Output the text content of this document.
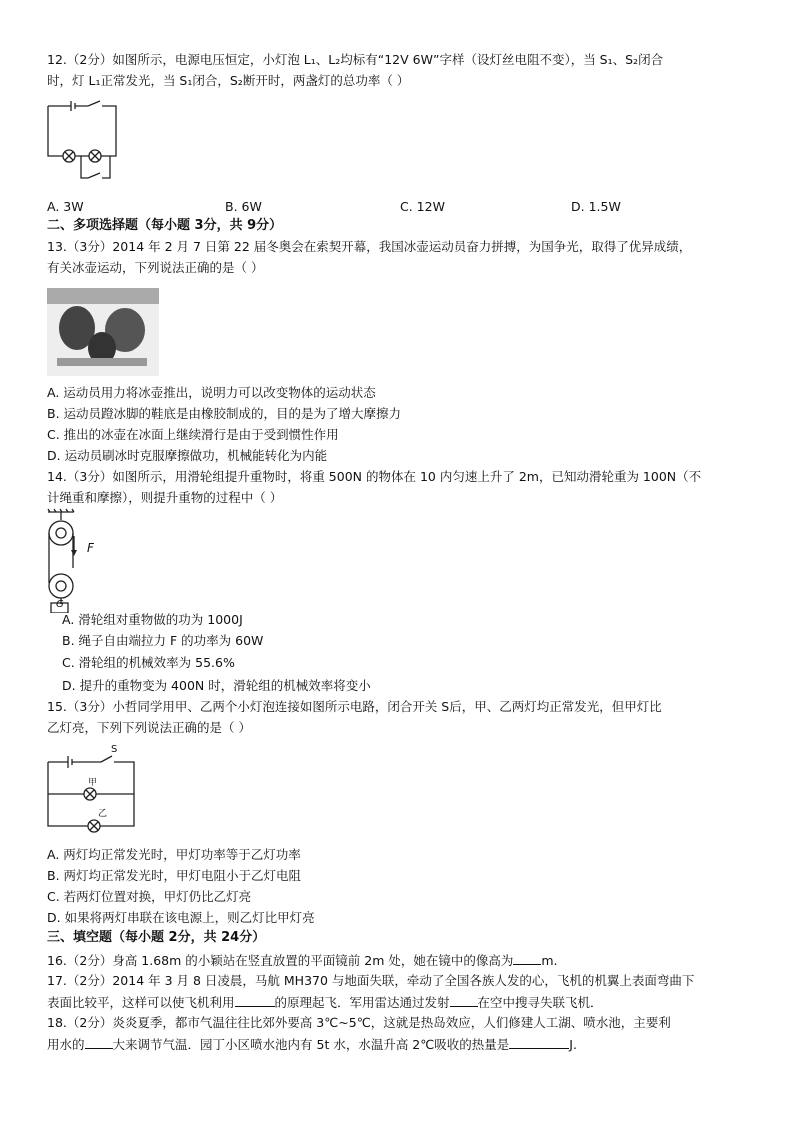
12.（2分）如图所示，电源电压恒定，小灯泡 L₁、L₂均标有“12V 6W”字样（设灯丝电阻不变），当 S₁、S₂闭合
时，灯 L₁正常发光，当 S₁闭合，S₂断开时，两盏灯的总功率（ ）
A. 3W	B. 6W	C. 12W	D. 1.5W
二、多项选择题（每小题 3分，共 9分）
13.（3分）2014 年 2 月 7 日第 22 届冬奥会在索契开幕，我国冰壶运动员奋力拼搏，为国争光，取得了优异成绩，
有关冰壶运动，下列说法正确的是（ ）
A. 运动员用力将冰壶推出，说明力可以改变物体的运动状态
B. 运动员蹬冰脚的鞋底是由橡胶制成的，目的是为了增大摩擦力
C. 推出的冰壶在冰面上继续滑行是由于受到惯性作用
D. 运动员刷冰时克服摩擦做功，机械能转化为内能
14.（3分）如图所示，用滑轮组提升重物时，将重 500N 的物体在 10 内匀速上升了 2m，已知动滑轮重为 100N（不
计绳重和摩擦），则提升重物的过程中（ ）
F
G
A. 滑轮组对重物做的功为 1000J
B. 绳子自由端拉力 F 的功率为 60W
C. 滑轮组的机械效率为 55.6%
D. 提升的重物变为 400N 时，滑轮组的机械效率将变小
15.（3分）小哲同学用甲、乙两个小灯泡连接如图所示电路，闭合开关 S后，甲、乙两灯均正常发光，但甲灯比
乙灯亮，下列下列说法正确的是（ ）
S
甲
乙
A. 两灯均正常发光时，甲灯功率等于乙灯功率
B. 两灯均正常发光时，甲灯电阻小于乙灯电阻
C. 若两灯位置对换，甲灯仍比乙灯亮
D. 如果将两灯串联在该电源上，则乙灯比甲灯亮
三、填空题（每小题 2分，共 24分）
16.（2分）身高 1.68m 的小颖站在竖直放置的平面镜前 2m 处，她在镜中的像高为 m.
17.（2分）2014 年 3 月 8 日凌晨，马航 MH370 与地面失联，牵动了全国各族人发的心，飞机的机翼上表面弯曲下
表面比较平，这样可以使飞机利用	的原理起飞．军用雷达通过发射 在空中搜寻失联飞机．
18.（2分）炎炎夏季，都市气温往往比郊外要高 3℃~5℃，这就是热岛效应，人们修建人工湖、喷水池，主要利
用水的 大来调节气温．园丁小区喷水池内有 5t 水，水温升高 2℃吸收的热量是	J.
